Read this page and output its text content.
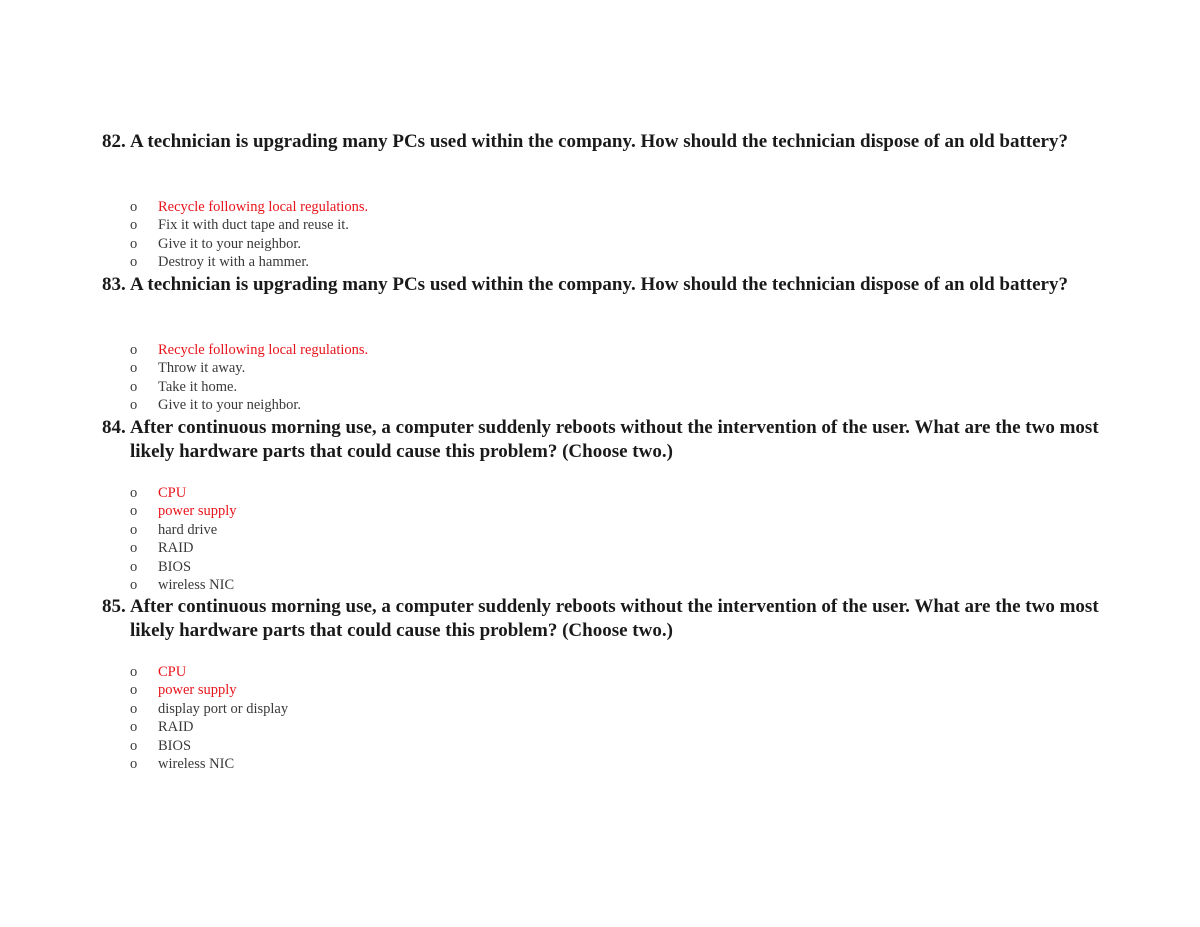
82. A technician is upgrading many PCs used within the company. How should the technician dispose of an old battery?

o Recycle following local regulations.
o Fix it with duct tape and reuse it.
o Give it to your neighbor.
o Destroy it with a hammer.

83. A technician is upgrading many PCs used within the company. How should the technician dispose of an old battery?

o Recycle following local regulations.
o Throw it away.
o Take it home.
o Give it to your neighbor.

84. After continuous morning use, a computer suddenly reboots without the intervention of the user. What are the two most likely hardware parts that could cause this problem? (Choose two.)

o CPU
o power supply
o hard drive
o RAID
o BIOS
o wireless NIC

85. After continuous morning use, a computer suddenly reboots without the intervention of the user. What are the two most likely hardware parts that could cause this problem? (Choose two.)

o CPU
o power supply
o display port or display
o RAID
o BIOS
o wireless NIC
